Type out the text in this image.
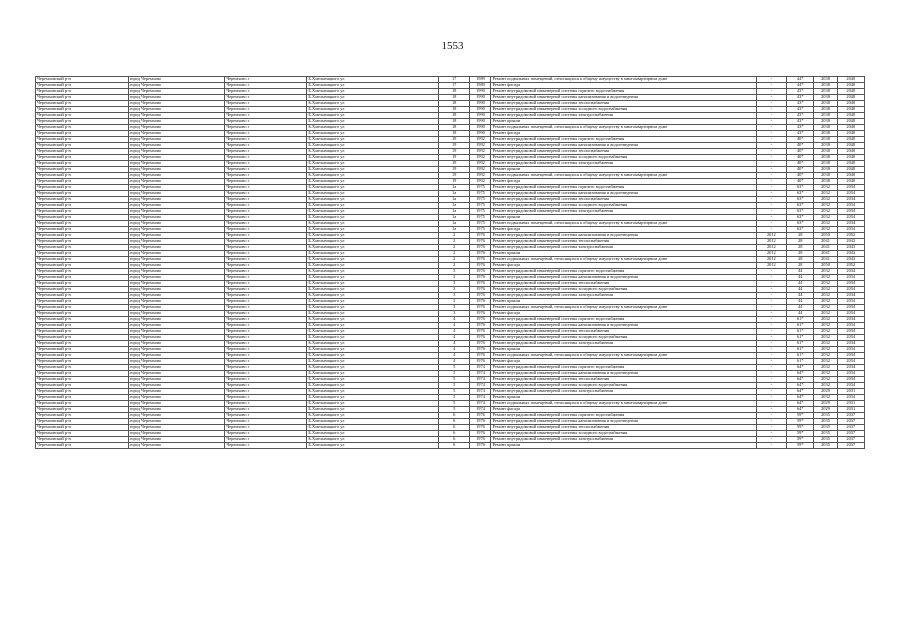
1553
Черемховский р-н	город Черемхово	Черемхово г	Б.Хмельницкого ул	17	1989	Ремонт подвальных помещений, относящихся к общему имуществу в многоквартирном доме	-	44*	2038	2040
Черемховский р-н	город Черемхово	Черемхово г	Б.Хмельницкого ул	17	1989	Ремонт фасада	-	44*	2038	2040
Черемховский р-н	город Черемхово	Черемхово г	Б.Хмельницкого ул	18	1990	Ремонт внутридомовой инженерной системы горячего водоснабжения	-	43*	2038	2040
Черемховский р-н	город Черемхово	Черемхово г	Б.Хмельницкого ул	18	1990	Ремонт внутридомовой инженерной системы канализования и водоотведения	-	43*	2038	2040
Черемховский р-н	город Черемхово	Черемхово г	Б.Хмельницкого ул	18	1990	Ремонт внутридомовой инженерной системы теплоснабжения	-	43*	2038	2040
Черемховский р-н	город Черемхово	Черемхово г	Б.Хмельницкого ул	18	1990	Ремонт внутридомовой инженерной системы холодного водоснабжения	-	43*	2038	2040
Черемховский р-н	город Черемхово	Черемхово г	Б.Хмельницкого ул	18	1990	Ремонт внутридомовой инженерной системы электроснабжения	-	43*	2038	2040
Черемховский р-н	город Черемхово	Черемхово г	Б.Хмельницкого ул	18	1990	Ремонт крыши	-	43*	2038	2040
Черемховский р-н	город Черемхово	Черемхово г	Б.Хмельницкого ул	18	1990	Ремонт подвальных помещений, относящихся к общему имуществу в многоквартирном доме	-	43*	2038	2040
Черемховский р-н	город Черемхово	Черемхово г	Б.Хмельницкого ул	18	1990	Ремонт фасада	-	43*	2038	2040
Черемховский р-н	город Черемхово	Черемхово г	Б.Хмельницкого ул	19	1992	Ремонт внутридомовой инженерной системы горячего водоснабжения	-	40*	2038	2040
Черемховский р-н	город Черемхово	Черемхово г	Б.Хмельницкого ул	19	1992	Ремонт внутридомовой инженерной системы канализования и водоотведения	-	40*	2038	2040
Черемховский р-н	город Черемхово	Черемхово г	Б.Хмельницкого ул	19	1992	Ремонт внутридомовой инженерной системы теплоснабжения	-	40*	2038	2040
Черемховский р-н	город Черемхово	Черемхово г	Б.Хмельницкого ул	19	1992	Ремонт внутридомовой инженерной системы холодного водоснабжения	-	40*	2038	2040
Черемховский р-н	город Черемхово	Черемхово г	Б.Хмельницкого ул	19	1992	Ремонт внутридомовой инженерной системы электроснабжения	-	40*	2038	2040
Черемховский р-н	город Черемхово	Черемхово г	Б.Хмельницкого ул	19	1992	Ремонт крыши	-	40*	2038	2040
Черемховский р-н	город Черемхово	Черемхово г	Б.Хмельницкого ул	19	1992	Ремонт подвальных помещений, относящихся к общему имуществу в многоквартирном доме	-	40*	2038	2040
Черемховский р-н	город Черемхово	Черемхово г	Б.Хмельницкого ул	19	1992	Ремонт фасада	-	40*	2038	2040
Черемховский р-н	город Черемхово	Черемхово г	Б.Хмельницкого ул	1а	1975	Ремонт внутридомовой инженерной системы горячего водоснабжения	-	63*	2032	2034
Черемховский р-н	город Черемхово	Черемхово г	Б.Хмельницкого ул	1а	1975	Ремонт внутридомовой инженерной системы канализования и водоотведения	-	63*	2032	2034
Черемховский р-н	город Черемхово	Черемхово г	Б.Хмельницкого ул	1а	1975	Ремонт внутридомовой инженерной системы теплоснабжения	-	63*	2032	2034
Черемховский р-н	город Черемхово	Черемхово г	Б.Хмельницкого ул	1а	1975	Ремонт внутридомовой инженерной системы холодного водоснабжения	-	63*	2032	2034
Черемховский р-н	город Черемхово	Черемхово г	Б.Хмельницкого ул	1а	1975	Ремонт внутридомовой инженерной системы электроснабжения	-	63*	2032	2034
Черемховский р-н	город Черемхово	Черемхово г	Б.Хмельницкого ул	1а	1975	Ремонт крыши	-	63*	2032	2034
Черемховский р-н	город Черемхово	Черемхово г	Б.Хмельницкого ул	1а	1975	Ремонт подвальных помещений, относящихся к общему имуществу в многоквартирном доме	-	63*	2032	2034
Черемховский р-н	город Черемхово	Черемхово г	Б.Хмельницкого ул	1а	1975	Ремонт фасада	-	63*	2032	2034
Черемховский р-н	город Черемхово	Черемхово г	Б.Хмельницкого ул	2	1976	Ремонт внутридомовой инженерной системы канализования и водоотведения	2012	28	2050	2052
Черемховский р-н	город Черемхово	Черемхово г	Б.Хмельницкого ул	2	1976	Ремонт внутридомовой инженерной системы теплоснабжения	2012	28	2041	2043
Черемховский р-н	город Черемхово	Черемхово г	Б.Хмельницкого ул	2	1976	Ремонт внутридомовой инженерной системы электроснабжения	2012	28	2041	2043
Черемховский р-н	город Черемхово	Черемхово г	Б.Хмельницкого ул	2	1976	Ремонт крыши	2012	28	2041	2043
Черемховский р-н	город Черемхово	Черемхово г	Б.Хмельницкого ул	2	1976	Ремонт подвальных помещений, относящихся к общему имуществу в многоквартирном доме	2012	28	2041	2043
Черемховский р-н	город Черемхово	Черемхово г	Б.Хмельницкого ул	2	1976	Ремонт фасада	2012	28	2050	2052
Черемховский р-н	город Черемхово	Черемхово г	Б.Хмельницкого ул	3	1976	Ремонт внутридомовой инженерной системы горячего водоснабжения	-	44	2032	2034
Черемховский р-н	город Черемхово	Черемхово г	Б.Хмельницкого ул	3	1976	Ремонт внутридомовой инженерной системы канализования и водоотведения	-	44	2032	2034
Черемховский р-н	город Черемхово	Черемхово г	Б.Хмельницкого ул	3	1976	Ремонт внутридомовой инженерной системы теплоснабжения	-	44	2032	2034
Черемховский р-н	город Черемхово	Черемхово г	Б.Хмельницкого ул	3	1976	Ремонт внутридомовой инженерной системы холодного водоснабжения	-	44	2032	2034
Черемховский р-н	город Черемхово	Черемхово г	Б.Хмельницкого ул	3	1976	Ремонт внутридомовой инженерной системы электроснабжения	-	44	2032	2034
Черемховский р-н	город Черемхово	Черемхово г	Б.Хмельницкого ул	3	1976	Ремонт крыши	-	44	2032	2034
Черемховский р-н	город Черемхово	Черемхово г	Б.Хмельницкого ул	3	1976	Ремонт подвальных помещений, относящихся к общему имуществу в многоквартирном доме	-	44	2032	2034
Черемховский р-н	город Черемхово	Черемхово г	Б.Хмельницкого ул	3	1976	Ремонт фасада	-	44	2032	2034
Черемховский р-н	город Черемхово	Черемхово г	Б.Хмельницкого ул	4	1976	Ремонт внутридомовой инженерной системы горячего водоснабжения	-	61*	2032	2034
Черемховский р-н	город Черемхово	Черемхово г	Б.Хмельницкого ул	4	1976	Ремонт внутридомовой инженерной системы канализования и водоотведения	-	61*	2032	2034
Черемховский р-н	город Черемхово	Черемхово г	Б.Хмельницкого ул	4	1976	Ремонт внутридомовой инженерной системы теплоснабжения	-	61*	2032	2034
Черемховский р-н	город Черемхово	Черемхово г	Б.Хмельницкого ул	4	1976	Ремонт внутридомовой инженерной системы холодного водоснабжения	-	61*	2032	2034
Черемховский р-н	город Черемхово	Черемхово г	Б.Хмельницкого ул	4	1976	Ремонт внутридомовой инженерной системы электроснабжения	-	61*	2032	2034
Черемховский р-н	город Черемхово	Черемхово г	Б.Хмельницкого ул	4	1976	Ремонт крыши	-	61*	2032	2034
Черемховский р-н	город Черемхово	Черемхово г	Б.Хмельницкого ул	4	1976	Ремонт подвальных помещений, относящихся к общему имуществу в многоквартирном доме	-	61*	2032	2034
Черемховский р-н	город Черемхово	Черемхово г	Б.Хмельницкого ул	4	1976	Ремонт фасада	-	61*	2032	2034
Черемховский р-н	город Черемхово	Черемхово г	Б.Хмельницкого ул	5	1974	Ремонт внутридомовой инженерной системы горячего водоснабжения	-	64*	2032	2034
Черемховский р-н	город Черемхово	Черемхово г	Б.Хмельницкого ул	5	1974	Ремонт внутридомовой инженерной системы канализования и водоотведения	-	64*	2032	2034
Черемховский р-н	город Черемхово	Черемхово г	Б.Хмельницкого ул	5	1974	Ремонт внутридомовой инженерной системы теплоснабжения	-	64*	2032	2034
Черемховский р-н	город Черемхово	Черемхово г	Б.Хмельницкого ул	5	1974	Ремонт внутридомовой инженерной системы холодного водоснабжения	-	64*	2032	2034
Черемховский р-н	город Черемхово	Черемхово г	Б.Хмельницкого ул	5	1974	Ремонт внутридомовой инженерной системы электроснабжения	-	64*	2029	2031
Черемховский р-н	город Черемхово	Черемхово г	Б.Хмельницкого ул	5	1974	Ремонт крыши	-	64*	2032	2034
Черемховский р-н	город Черемхово	Черемхово г	Б.Хмельницкого ул	5	1974	Ремонт подвальных помещений, относящихся к общему имуществу в многоквартирном доме	-	64*	2029	2031
Черемховский р-н	город Черемхово	Черемхово г	Б.Хмельницкого ул	5	1974	Ремонт фасада	-	64*	2029	2031
Черемховский р-н	город Черемхово	Черемхово г	Б.Хмельницкого ул	6	1976	Ремонт внутридомовой инженерной системы горячего водоснабжения	-	59*	2035	2037
Черемховский р-н	город Черемхово	Черемхово г	Б.Хмельницкого ул	6	1976	Ремонт внутридомовой инженерной системы канализования и водоотведения	-	59*	2035	2037
Черемховский р-н	город Черемхово	Черемхово г	Б.Хмельницкого ул	6	1976	Ремонт внутридомовой инженерной системы теплоснабжения	-	59*	2035	2037
Черемховский р-н	город Черемхово	Черемхово г	Б.Хмельницкого ул	6	1976	Ремонт внутридомовой инженерной системы холодного водоснабжения	-	59*	2035	2037
Черемховский р-н	город Черемхово	Черемхово г	Б.Хмельницкого ул	6	1976	Ремонт внутридомовой инженерной системы электроснабжения	-	59*	2035	2037
Черемховский р-н	город Черемхово	Черемхово г	Б.Хмельницкого ул	6	1976	Ремонт крыши	-	59*	2035	2037
